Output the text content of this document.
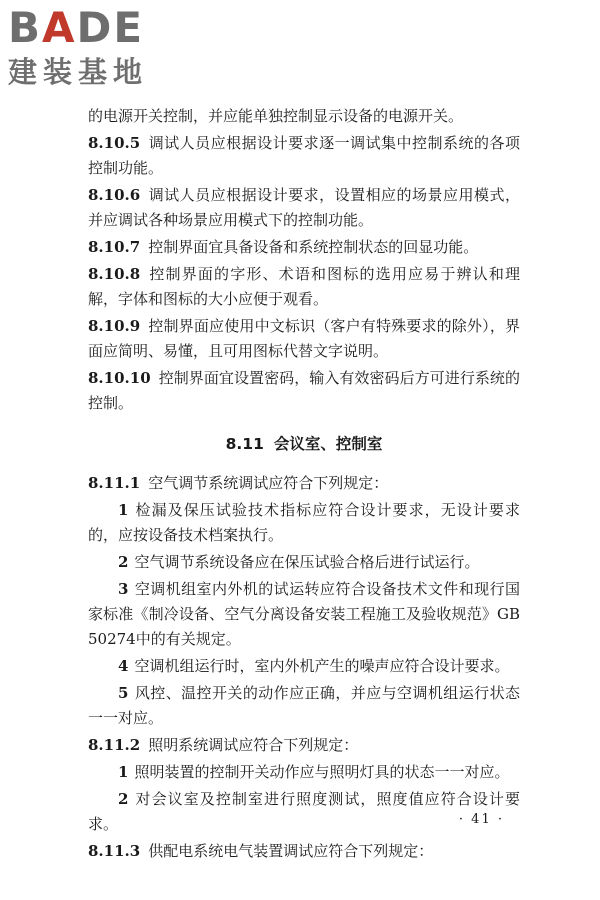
BADE
建装基地

的电源开关控制，并应能单独控制显示设备的电源开关。

8.10.5 调试人员应根据设计要求逐一调试集中控制系统的各项控制功能。

8.10.6 调试人员应根据设计要求，设置相应的场景应用模式，并应调试各种场景应用模式下的控制功能。

8.10.7 控制界面宜具备设备和系统控制状态的回显功能。

8.10.8 控制界面的字形、术语和图标的选用应易于辨认和理解，字体和图标的大小应便于观看。

8.10.9 控制界面应使用中文标识（客户有特殊要求的除外），界面应简明、易懂，且可用图标代替文字说明。

8.10.10 控制界面宜设置密码，输入有效密码后方可进行系统的控制。

8.11 会议室、控制室

8.11.1 空气调节系统调试应符合下列规定：

1 检漏及保压试验技术指标应符合设计要求，无设计要求的，应按设备技术档案执行。

2 空气调节系统设备应在保压试验合格后进行试运行。

3 空调机组室内外机的试运转应符合设备技术文件和现行国家标准《制冷设备、空气分离设备安装工程施工及验收规范》GB 50274中的有关规定。

4 空调机组运行时，室内外机产生的噪声应符合设计要求。

5 风控、温控开关的动作应正确，并应与空调机组运行状态一一对应。

8.11.2 照明系统调试应符合下列规定：

1 照明装置的控制开关动作应与照明灯具的状态一一对应。

2 对会议室及控制室进行照度测试，照度值应符合设计要求。

8.11.3 供配电系统电气装置调试应符合下列规定：

· 41 ·
